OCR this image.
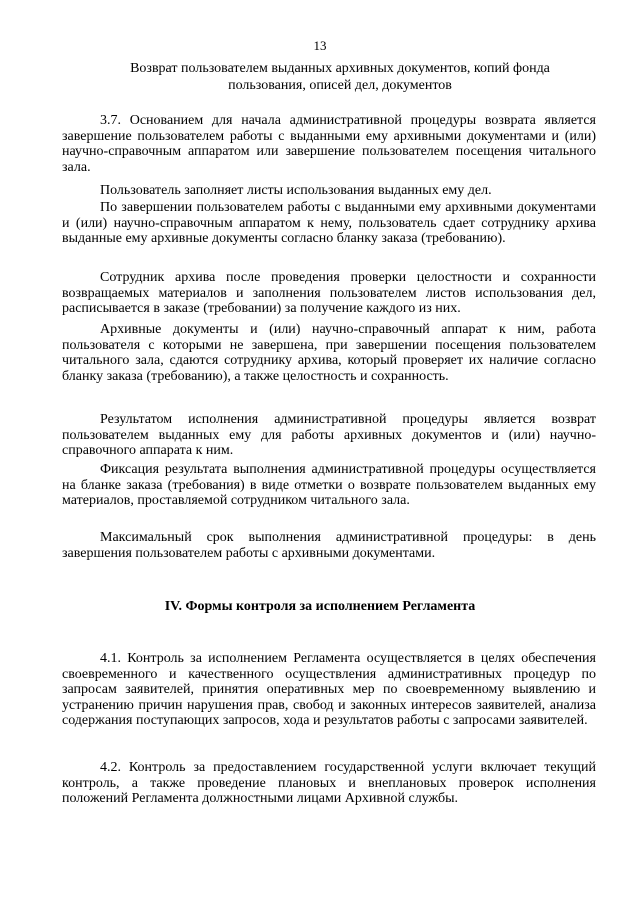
13
Возврат пользователем выданных архивных документов, копий фонда пользования, описей дел, документов

3.7. Основанием для начала административной процедуры возврата является завершение пользователем работы с выданными ему архивными документами и (или) научно-справочным аппаратом или завершение пользователем посещения читального зала.

Пользователь заполняет листы использования выданных ему дел.

По завершении пользователем работы с выданными ему архивными документами и (или) научно-справочным аппаратом к нему, пользователь сдает сотруднику архива выданные ему архивные документы согласно бланку заказа (требованию).

Сотрудник архива после проведения проверки целостности и сохранности возвращаемых материалов и заполнения пользователем листов использования дел, расписывается в заказе (требовании) за получение каждого из них.

Архивные документы и (или) научно-справочный аппарат к ним, работа пользователя с которыми не завершена, при завершении посещения пользователем читального зала, сдаются сотруднику архива, который проверяет их наличие согласно бланку заказа (требованию), а также целостность и сохранность.

Результатом исполнения административной процедуры является возврат пользователем выданных ему для работы архивных документов и (или) научно-справочного аппарата к ним.

Фиксация результата выполнения административной процедуры осуществляется на бланке заказа (требования) в виде отметки о возврате пользователем выданных ему материалов, проставляемой сотрудником читального зала.

Максимальный срок выполнения административной процедуры: в день завершения пользователем работы с архивными документами.

IV. Формы контроля за исполнением Регламента

4.1. Контроль за исполнением Регламента осуществляется в целях обеспечения своевременного и качественного осуществления административных процедур по запросам заявителей, принятия оперативных мер по своевременному выявлению и устранению причин нарушения прав, свобод и законных интересов заявителей, анализа содержания поступающих запросов, хода и результатов работы с запросами заявителей.

4.2. Контроль за предоставлением государственной услуги включает текущий контроль, а также проведение плановых и внеплановых проверок исполнения положений Регламента должностными лицами Архивной службы.
